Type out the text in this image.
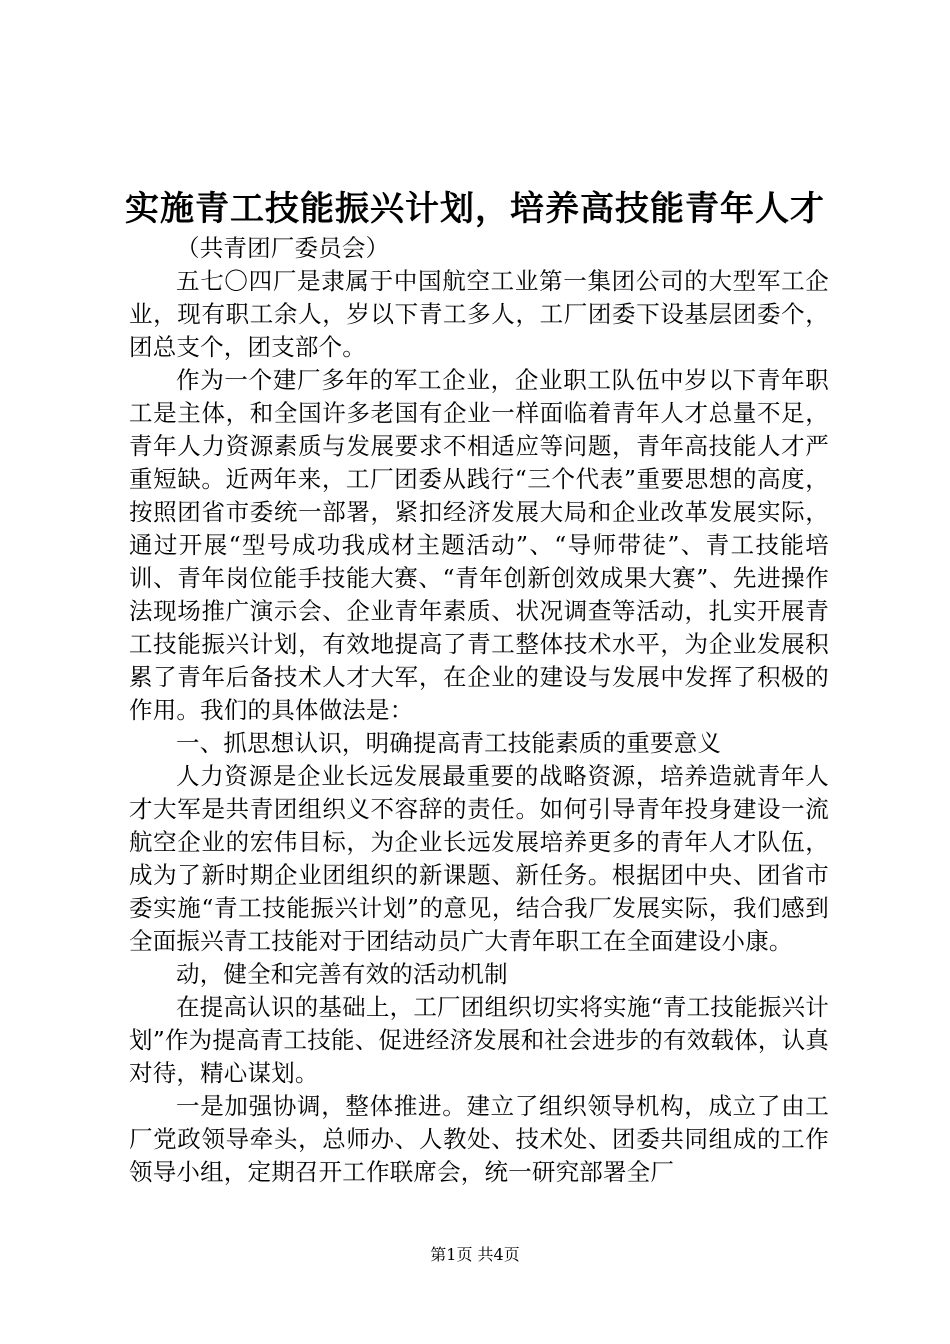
实施青工技能振兴计划，培养高技能青年人才

（共青团厂委员会）

五七〇四厂是隶属于中国航空工业第一集团公司的大型军工企业，现有职工余人，岁以下青工多人，工厂团委下设基层团委个，团总支个，团支部个。

作为一个建厂多年的军工企业，企业职工队伍中岁以下青年职工是主体，和全国许多老国有企业一样面临着青年人才总量不足，青年人力资源素质与发展要求不相适应等问题，青年高技能人才严重短缺。近两年来，工厂团委从践行“三个代表”重要思想的高度，按照团省市委统一部署，紧扣经济发展大局和企业改革发展实际，通过开展“型号成功我成材主题活动”、“导师带徒”、青工技能培训、青年岗位能手技能大赛、“青年创新创效成果大赛”、先进操作法现场推广演示会、企业青年素质、状况调查等活动，扎实开展青工技能振兴计划，有效地提高了青工整体技术水平，为企业发展积累了青年后备技术人才大军，在企业的建设与发展中发挥了积极的作用。我们的具体做法是：

一、抓思想认识，明确提高青工技能素质的重要意义

人力资源是企业长远发展最重要的战略资源，培养造就青年人才大军是共青团组织义不容辞的责任。如何引导青年投身建设一流航空企业的宏伟目标，为企业长远发展培养更多的青年人才队伍，成为了新时期企业团组织的新课题、新任务。根据团中央、团省市委实施“青工技能振兴计划”的意见，结合我厂发展实际，我们感到全面振兴青工技能对于团结动员广大青年职工在全面建设小康。

动，健全和完善有效的活动机制

在提高认识的基础上，工厂团组织切实将实施“青工技能振兴计划”作为提高青工技能、促进经济发展和社会进步的有效载体，认真对待，精心谋划。

一是加强协调，整体推进。建立了组织领导机构，成立了由工厂党政领导牵头，总师办、人教处、技术处、团委共同组成的工作领导小组，定期召开工作联席会，统一研究部署全厂

第1页 共4页
